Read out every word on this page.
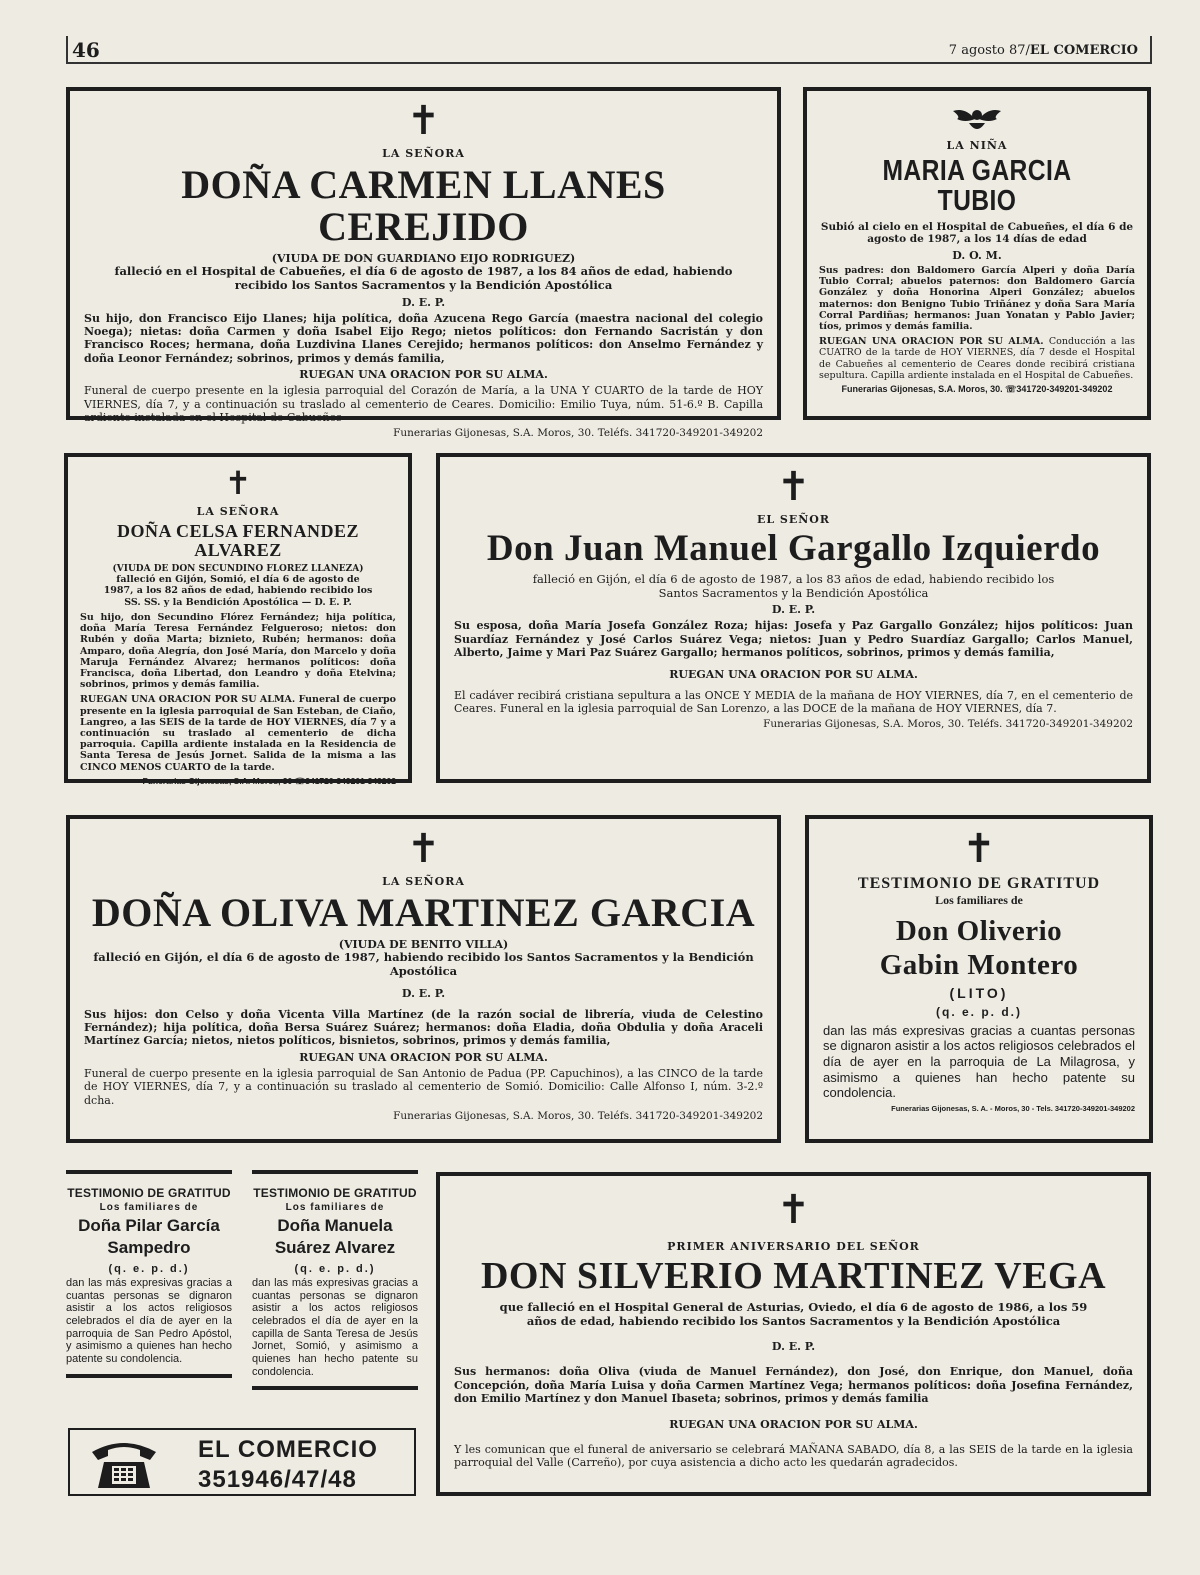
46	7 agosto 87/EL COMERCIO
✝
LA SEÑORA
DOÑA CARMEN LLANES CEREJIDO
(VIUDA DE DON GUARDIANO EIJO RODRIGUEZ)
falleció en el Hospital de Cabueñes, el día 6 de agosto de 1987, a los 84 años de edad, habiendo recibido los Santos Sacramentos y la Bendición Apostólica
D. E. P.
Su hijo, don Francisco Eijo Llanes; hija política, doña Azucena Rego García (maestra nacional del colegio Noega); nietas: doña Carmen y doña Isabel Eijo Rego; nietos políticos: don Fernando Sacristán y don Francisco Roces; hermana, doña Luzdivina Llanes Cerejido; hermanos políticos: don Anselmo Fernández y doña Leonor Fernández; sobrinos, primos y demás familia,
RUEGAN UNA ORACION POR SU ALMA.
Funeral de cuerpo presente en la iglesia parroquial del Corazón de María, a la UNA Y CUARTO de la tarde de HOY VIERNES, día 7, y a continuación su traslado al cementerio de Ceares. Domicilio: Emilio Tuya, núm. 51-6.º B. Capilla ardiente instalada en el Hospital de Cabueñes
Funerarias Gijonesas, S.A. Moros, 30. Teléfs. 341720-349201-349202
LA NIÑA
MARIA GARCIA TUBIO
Subió al cielo en el Hospital de Cabueñes, el día 6 de agosto de 1987, a los 14 días de edad
D. O. M.
Sus padres: don Baldomero García Alperi y doña Daría Tubio Corral; abuelos paternos: don Baldomero García González y doña Honorina Alperi González; abuelos maternos: don Benigno Tubio Triñánez y doña Sara María Corral Pardiñas; hermanos: Juan Yonatan y Pablo Javier; tíos, primos y demás familia.
RUEGAN UNA ORACION POR SU ALMA. Conducción a las CUATRO de la tarde de HOY VIERNES, día 7 desde el Hospital de Cabueñes al cementerio de Ceares donde recibirá cristiana sepultura. Capilla ardiente instalada en el Hospital de Cabueñes.
Funerarias Gijonesas, S.A. Moros, 30. ☏341720-349201-349202
✝
LA SEÑORA
DOÑA CELSA FERNANDEZ ALVAREZ
(VIUDA DE DON SECUNDINO FLOREZ LLANEZA)
falleció en Gijón, Somió, el día 6 de agosto de 1987, a los 82 años de edad, habiendo recibido los SS. SS. y la Bendición Apostólica — D. E. P.
Su hijo, don Secundino Flórez Fernández; hija política, doña María Teresa Fernández Felgueroso; nietos: don Rubén y doña Marta; biznieto, Rubén; hermanos: doña Amparo, doña Alegría, don José María, don Marcelo y doña Maruja Fernández Alvarez; hermanos políticos: doña Francisca, doña Libertad, don Leandro y doña Etelvina; sobrinos, primos y demás familia.
RUEGAN UNA ORACION POR SU ALMA. Funeral de cuerpo presente en la iglesia parroquial de San Esteban, de Ciaño, Langreo, a las SEIS de la tarde de HOY VIERNES, día 7 y a continuación su traslado al cementerio de dicha parroquia. Capilla ardiente instalada en la Residencia de Santa Teresa de Jesús Jornet. Salida de la misma a las CINCO MENOS CUARTO de la tarde.
Funerarias Gijonesas, S.A. Moros, 30 ☏341720-349201-349202
✝
EL SEÑOR
Don Juan Manuel Gargallo Izquierdo
falleció en Gijón, el día 6 de agosto de 1987, a los 83 años de edad, habiendo recibido los Santos Sacramentos y la Bendición Apostólica
D. E. P.
Su esposa, doña María Josefa González Roza; hijas: Josefa y Paz Gargallo González; hijos políticos: Juan Suardíaz Fernández y José Carlos Suárez Vega; nietos: Juan y Pedro Suardíaz Gargallo; Carlos Manuel, Alberto, Jaime y Mari Paz Suárez Gargallo; hermanos políticos, sobrinos, primos y demás familia,
RUEGAN UNA ORACION POR SU ALMA.
El cadáver recibirá cristiana sepultura a las ONCE Y MEDIA de la mañana de HOY VIERNES, día 7, en el cementerio de Ceares. Funeral en la iglesia parroquial de San Lorenzo, a las DOCE de la mañana de HOY VIERNES, día 7.
Funerarias Gijonesas, S.A. Moros, 30. Teléfs. 341720-349201-349202
✝
LA SEÑORA
DOÑA OLIVA MARTINEZ GARCIA
(VIUDA DE BENITO VILLA)
falleció en Gijón, el día 6 de agosto de 1987, habiendo recibido los Santos Sacramentos y la Bendición Apostólica
D. E. P.
Sus hijos: don Celso y doña Vicenta Villa Martínez (de la razón social de librería, viuda de Celestino Fernández); hija política, doña Bersa Suárez Suárez; hermanos: doña Eladia, doña Obdulia y doña Araceli Martínez García; nietos, nietos políticos, bisnietos, sobrinos, primos y demás familia,
RUEGAN UNA ORACION POR SU ALMA.
Funeral de cuerpo presente en la iglesia parroquial de San Antonio de Padua (PP. Capuchinos), a las CINCO de la tarde de HOY VIERNES, día 7, y a continuación su traslado al cementerio de Somió. Domicilio: Calle Alfonso I, núm. 3-2.º dcha.
Funerarias Gijonesas, S.A. Moros, 30. Teléfs. 341720-349201-349202
✝
TESTIMONIO DE GRATITUD
Los familiares de
Don Oliverio
Gabin Montero
(LITO)
(q. e. p. d.)
dan las más expresivas gracias a cuantas personas se dignaron asistir a los actos religiosos celebrados el día de ayer en la parroquia de La Milagrosa, y asimismo a quienes han hecho patente su condolencia.
Funerarias Gijonesas, S. A. - Moros, 30 - Tels. 341720-349201-349202
TESTIMONIO DE GRATITUD
Los familiares de
Doña Pilar García Sampedro
(q. e. p. d.)
dan las más expresivas gracias a cuantas personas se dignaron asistir a los actos religiosos celebrados el día de ayer en la parroquia de San Pedro Apóstol, y asimismo a quienes han hecho patente su condolencia.
TESTIMONIO DE GRATITUD
Los familiares de
Doña Manuela Suárez Alvarez
(q. e. p. d.)
dan las más expresivas gracias a cuantas personas se dignaron asistir a los actos religiosos celebrados el día de ayer en la capilla de Santa Teresa de Jesús Jornet, Somió, y asimismo a quienes han hecho patente su condolencia.
EL COMERCIO
351946/47/48
✝
PRIMER ANIVERSARIO DEL SEÑOR
DON SILVERIO MARTINEZ VEGA
que falleció en el Hospital General de Asturias, Oviedo, el día 6 de agosto de 1986, a los 59 años de edad, habiendo recibido los Santos Sacramentos y la Bendición Apostólica
D. E. P.
Sus hermanos: doña Oliva (viuda de Manuel Fernández), don José, don Enrique, don Manuel, doña Concepción, doña María Luisa y doña Carmen Martínez Vega; hermanos políticos: doña Josefina Fernández, don Emilio Martínez y don Manuel Ibaseta; sobrinos, primos y demás familia
RUEGAN UNA ORACION POR SU ALMA.
Y les comunican que el funeral de aniversario se celebrará MAÑANA SABADO, día 8, a las SEIS de la tarde en la iglesia parroquial del Valle (Carreño), por cuya asistencia a dicho acto les quedarán agradecidos.
